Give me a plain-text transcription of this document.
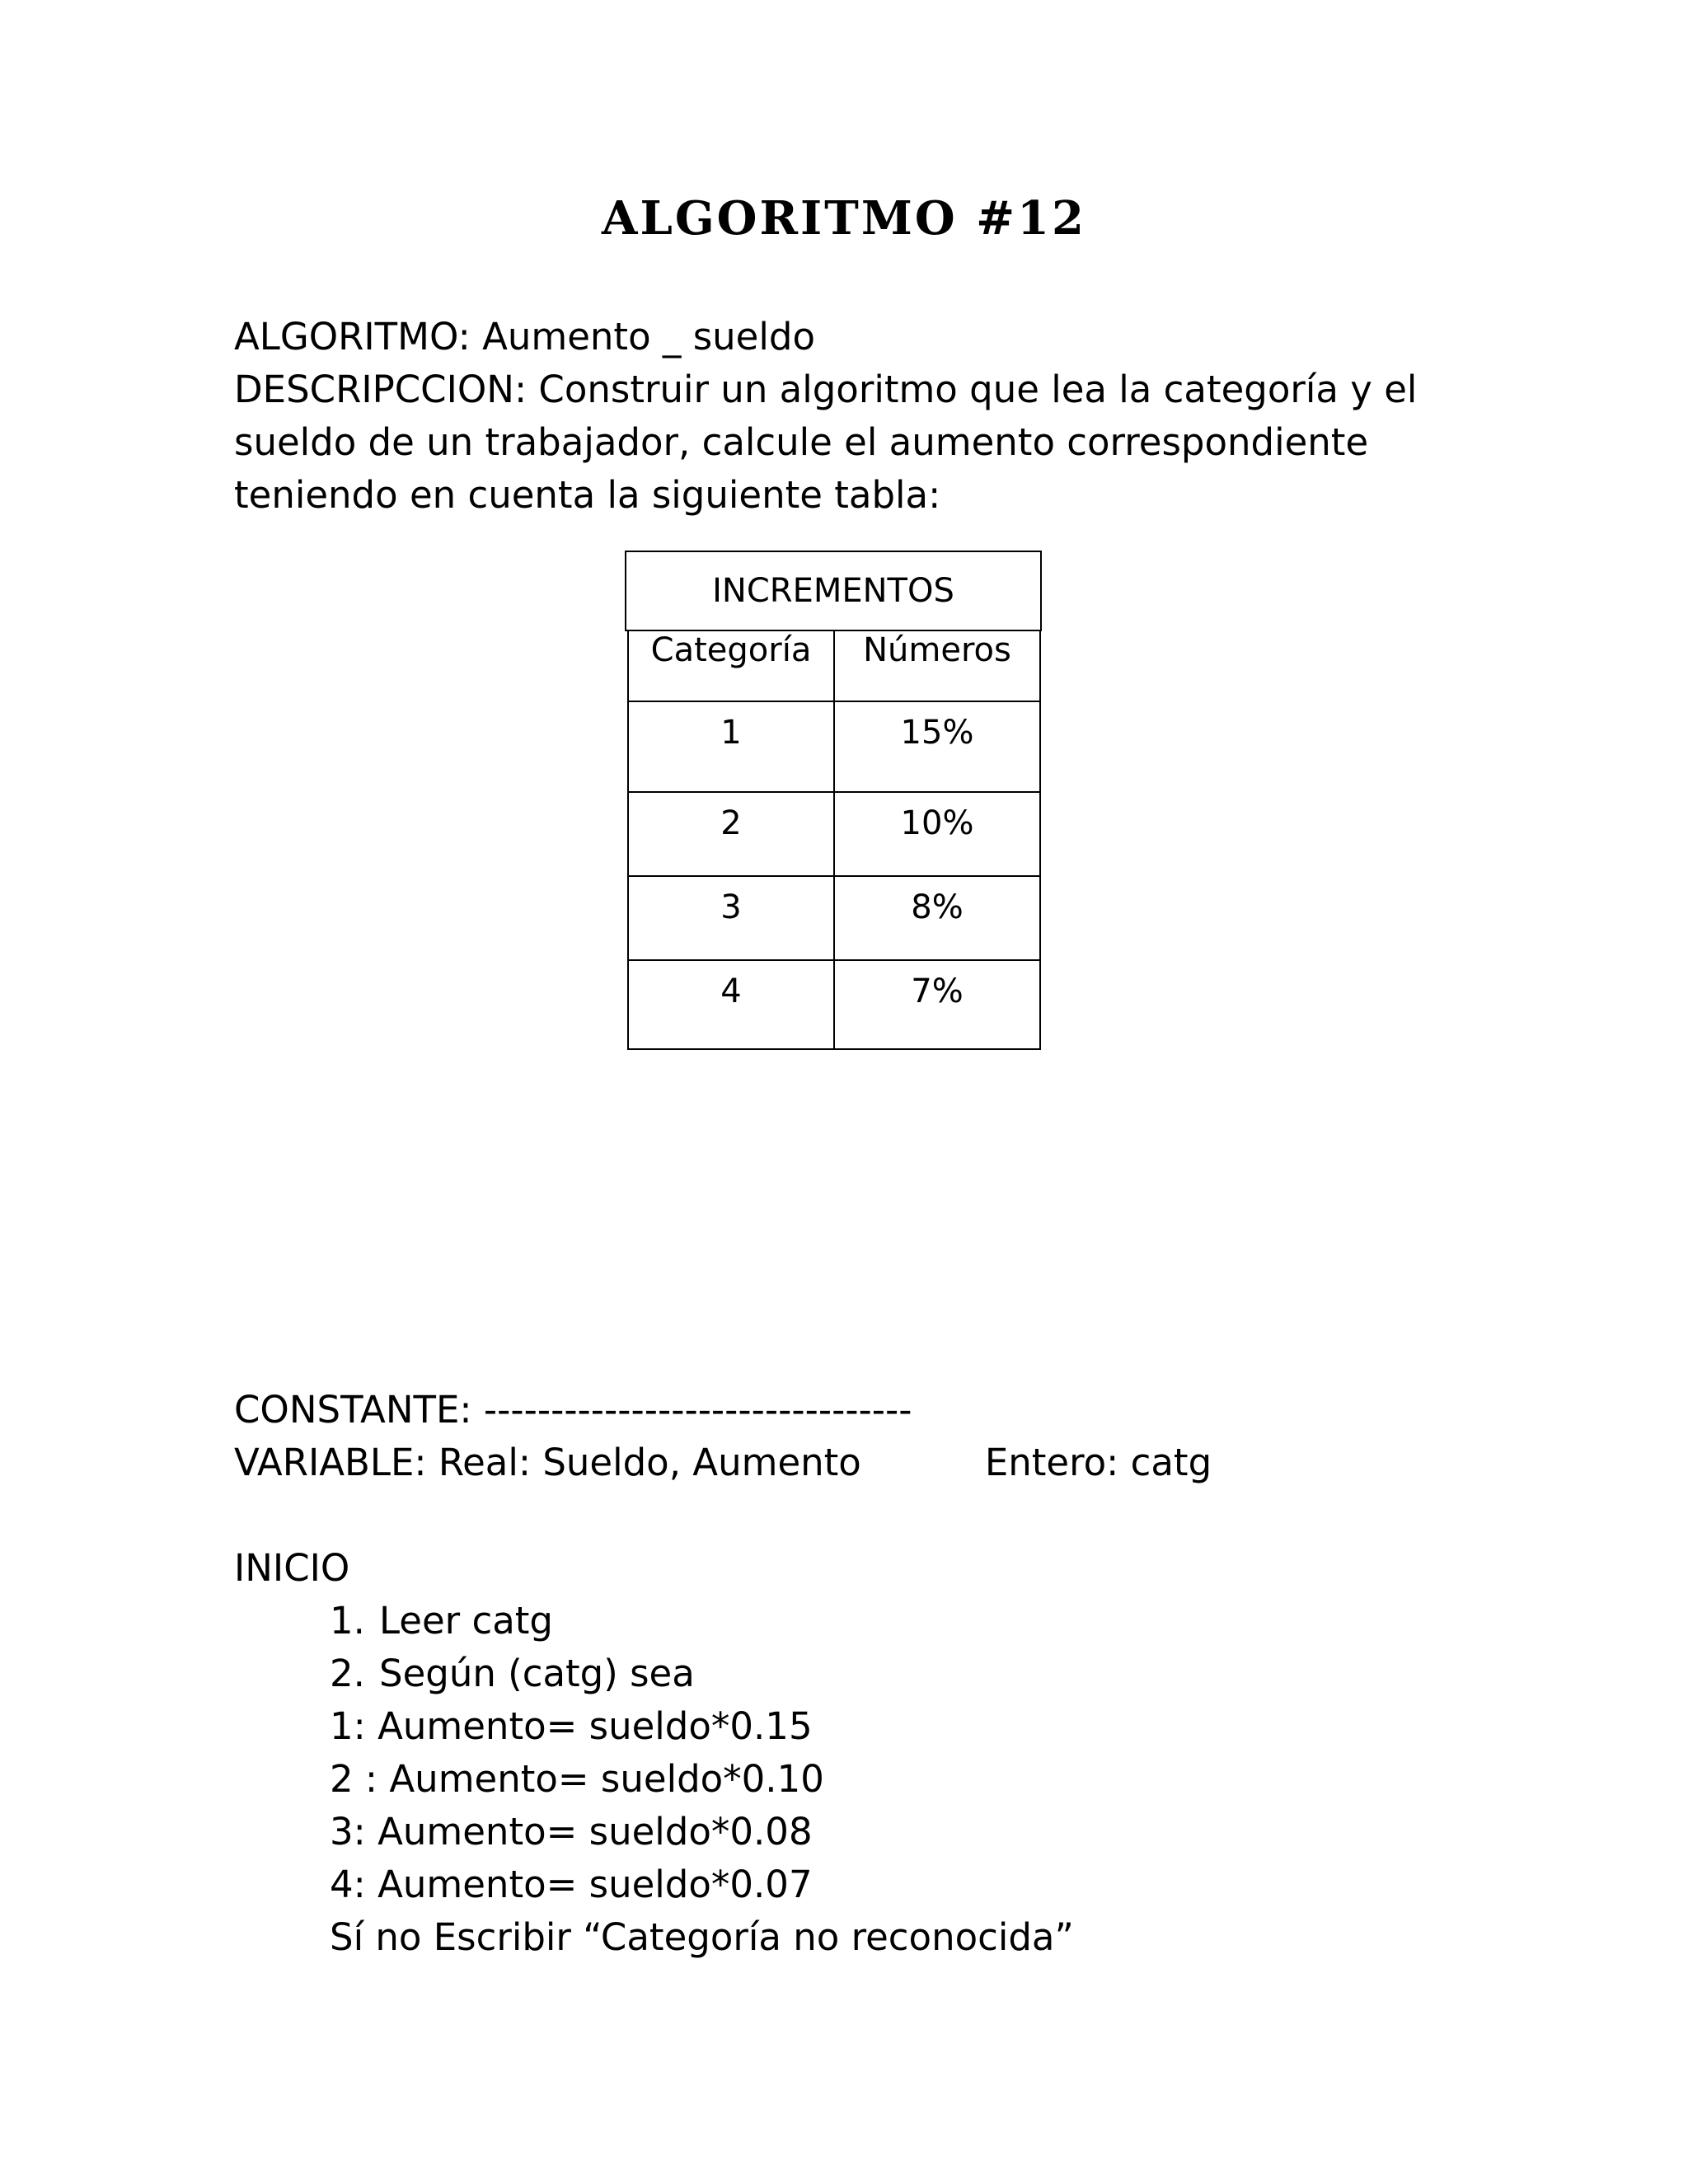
ALGORITMO #12
ALGORITMO: Aumento _ sueldo
DESCRIPCCION: Construir un algoritmo que lea la categoría y el
sueldo de un trabajador, calcule el aumento correspondiente
teniendo en cuenta la siguiente tabla:
INCREMENTOS
Categoría	Números
1	15%
2	10%
3	8%
4	7%
CONSTANTE: --------------------------------
VARIABLE: Real: Sueldo, Aumento	Entero: catg
INICIO
1. Leer catg
2. Según (catg) sea
1: Aumento= sueldo*0.15
2 : Aumento= sueldo*0.10
3: Aumento= sueldo*0.08
4: Aumento= sueldo*0.07
Sí no Escribir “Categoría no reconocida”
